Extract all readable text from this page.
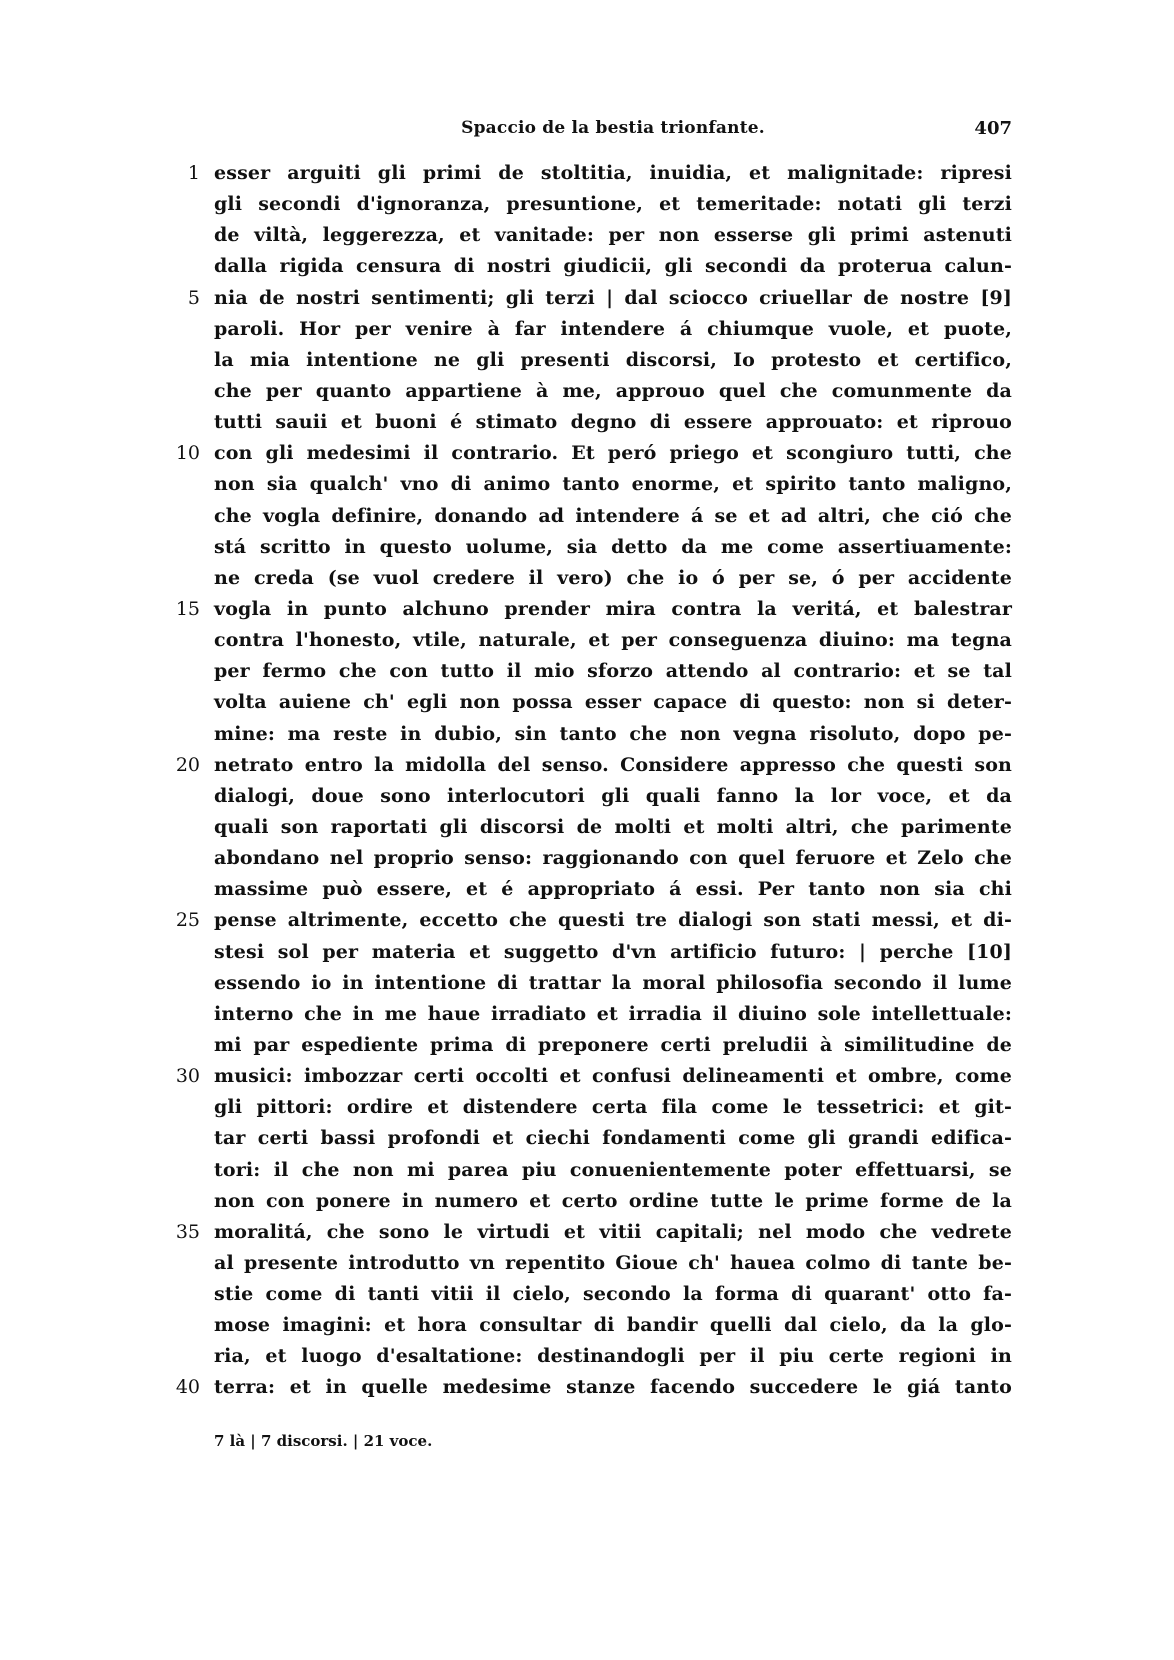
Spaccio de la bestia trionfante.	407
1 esser arguiti gli primi de stoltitia, inuidia, et malignitade: ripresi
gli secondi d'ignoranza, presuntione, et temeritade: notati gli terzi
de viltà, leggerezza, et vanitade: per non esserse gli primi astenuti
dalla rigida censura di nostri giudicii, gli secondi da proterua calun-
5 nia de nostri sentimenti; gli terzi | dal sciocco criuellar de nostre [9]
paroli. Hor per venire à far intendere á chiumque vuole, et puote,
la mia intentione ne gli presenti discorsi, Io protesto et certifico,
che per quanto appartiene à me, approuo quel che comunmente da
tutti sauii et buoni é stimato degno di essere approuato: et riprouo
10 con gli medesimi il contrario. Et peró priego et scongiuro tutti, che
non sia qualch' vno di animo tanto enorme, et spirito tanto maligno,
che vogla definire, donando ad intendere á se et ad altri, che ció che
stá scritto in questo uolume, sia detto da me come assertiuamente:
ne creda (se vuol credere il vero) che io ó per se, ó per accidente
15 vogla in punto alchuno prender mira contra la veritá, et balestrar
contra l'honesto, vtile, naturale, et per conseguenza diuino: ma tegna
per fermo che con tutto il mio sforzo attendo al contrario: et se tal
volta auiene ch' egli non possa esser capace di questo: non si deter-
mine: ma reste in dubio, sin tanto che non vegna risoluto, dopo pe-
20 netrato entro la midolla del senso. Considere appresso che questi son
dialogi, doue sono interlocutori gli quali fanno la lor voce, et da
quali son raportati gli discorsi de molti et molti altri, che parimente
abondano nel proprio senso: raggionando con quel feruore et Zelo che
massime può essere, et é appropriato á essi. Per tanto non sia chi
25 pense altrimente, eccetto che questi tre dialogi son stati messi, et di-
stesi sol per materia et suggetto d'vn artificio futuro: | perche [10]
essendo io in intentione di trattar la moral philosofia secondo il lume
interno che in me haue irradiato et irradia il diuino sole intellettuale:
mi par espediente prima di preponere certi preludii à similitudine de
30 musici: imbozzar certi occolti et confusi delineamenti et ombre, come
gli pittori: ordire et distendere certa fila come le tessetrici: et git-
tar certi bassi profondi et ciechi fondamenti come gli grandi edifica-
tori: il che non mi parea piu conuenientemente poter effettuarsi, se
non con ponere in numero et certo ordine tutte le prime forme de la
35 moralitá, che sono le virtudi et vitii capitali; nel modo che vedrete
al presente introdutto vn repentito Gioue ch' hauea colmo di tante be-
stie come di tanti vitii il cielo, secondo la forma di quarant' otto fa-
mose imagini: et hora consultar di bandir quelli dal cielo, da la glo-
ria, et luogo d'esaltatione: destinandogli per il piu certe regioni in
40 terra: et in quelle medesime stanze facendo succedere le giá tanto
7 là | 7 discorsi. | 21 voce.
